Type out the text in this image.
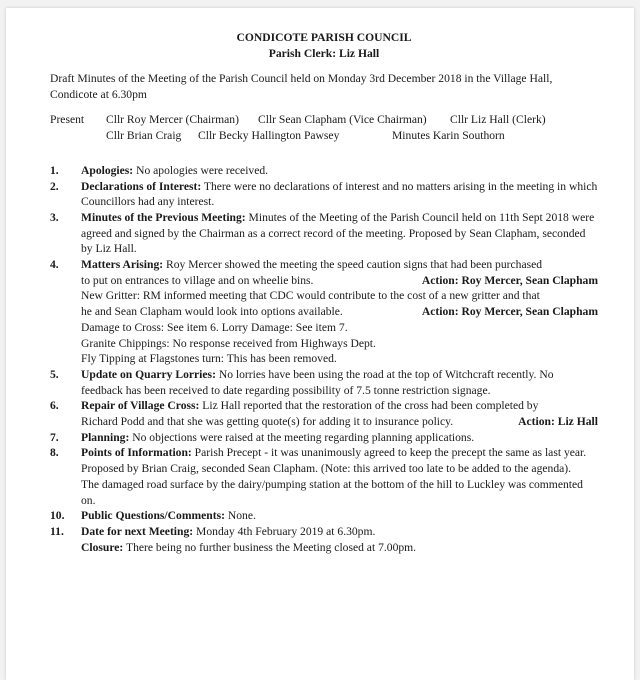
CONDICOTE PARISH COUNCIL
Parish Clerk: Liz Hall
Draft Minutes of the Meeting of the Parish Council held on Monday 3rd December 2018 in the Village Hall, Condicote at 6.30pm
Present Cllr Roy Mercer (Chairman) Cllr Sean Clapham (Vice Chairman) Cllr Liz Hall (Clerk)
Cllr Brian Craig Cllr Becky Hallington Pawsey	Minutes Karin Southorn
1. Apologies: No apologies were received.
2. Declarations of Interest: There were no declarations of interest and no matters arising in the meeting in which Councillors had any interest.
3. Minutes of the Previous Meeting: Minutes of the Meeting of the Parish Council held on 11th Sept 2018 were agreed and signed by the Chairman as a correct record of the meeting. Proposed by Sean Clapham, seconded by Liz Hall.
4. Matters Arising: Roy Mercer showed the meeting the speed caution signs that had been purchased
to put on entrances to village and on wheelie bins.	Action: Roy Mercer, Sean Clapham
New Gritter: RM informed meeting that CDC would contribute to the cost of a new gritter and that
he and Sean Clapham would look into options available.	Action: Roy Mercer, Sean Clapham
Damage to Cross: See item 6. Lorry Damage: See item 7.
Granite Chippings: No response received from Highways Dept.
Fly Tipping at Flagstones turn: This has been removed.
5. Update on Quarry Lorries: No lorries have been using the road at the top of Witchcraft recently. No feedback has been received to date regarding possibility of 7.5 tonne restriction signage.
6. Repair of Village Cross: Liz Hall reported that the restoration of the cross had been completed by
Richard Podd and that she was getting quote(s) for adding it to insurance policy.	Action: Liz Hall
7. Planning: No objections were raised at the meeting regarding planning applications.
8. Points of Information: Parish Precept - it was unanimously agreed to keep the precept the same as last year. Proposed by Brian Craig, seconded Sean Clapham. (Note: this arrived too late to be added to the agenda).
The damaged road surface by the dairy/pumping station at the bottom of the hill to Luckley was commented on.
10. Public Questions/Comments: None.
11. Date for next Meeting: Monday 4th February 2019 at 6.30pm.
Closure: There being no further business the Meeting closed at 7.00pm.
